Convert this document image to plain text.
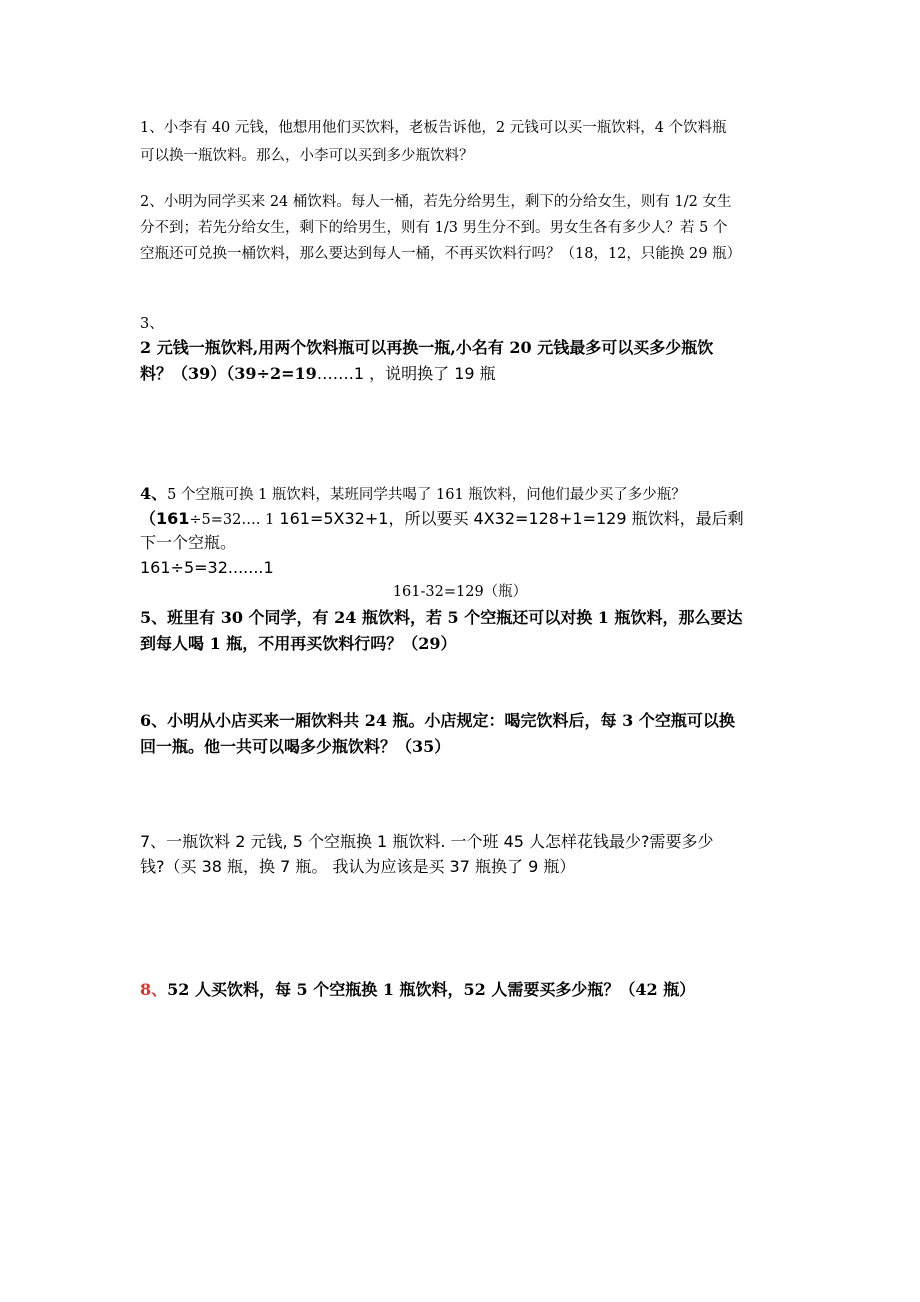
1、小李有 40 元钱，他想用他们买饮料，老板告诉他，2 元钱可以买一瓶饮料，4 个饮料瓶
可以换一瓶饮料。那么，小李可以买到多少瓶饮料？
2、小明为同学买来 24 桶饮料。每人一桶，若先分给男生，剩下的分给女生，则有 1/2 女生
分不到；若先分给女生，剩下的给男生，则有 1/3 男生分不到。男女生各有多少人？若 5 个
空瓶还可兑换一桶饮料，那么要达到每人一桶，不再买饮料行吗？（18，12，只能换 29 瓶）
3、
2 元钱一瓶饮料,用两个饮料瓶可以再换一瓶,小名有 20 元钱最多可以买多少瓶饮
料？（39）（39÷2=19…….1 ，说明换了 19 瓶
4、5 个空瓶可换 1 瓶饮料，某班同学共喝了 161 瓶饮料，问他们最少买了多少瓶？
（161÷5=32…. 1 161=5X32+1，所以要买 4X32=128+1=129 瓶饮料，最后剩
下一个空瓶。
161÷5=32.......1
161-32=129（瓶）
5、班里有 30 个同学，有 24 瓶饮料，若 5 个空瓶还可以对换 1 瓶饮料，那么要达
到每人喝 1 瓶，不用再买饮料行吗？（29）
6、小明从小店买来一厢饮料共 24 瓶。小店规定：喝完饮料后，每 3 个空瓶可以换
回一瓶。他一共可以喝多少瓶饮料？（35）
7、一瓶饮料 2 元钱, 5 个空瓶换 1 瓶饮料. 一个班 45 人怎样花钱最少?需要多少
钱?（买 38 瓶，换 7 瓶。 我认为应该是买 37 瓶换了 9 瓶）
8、52 人买饮料，每 5 个空瓶换 1 瓶饮料，52 人需要买多少瓶？（42 瓶）
